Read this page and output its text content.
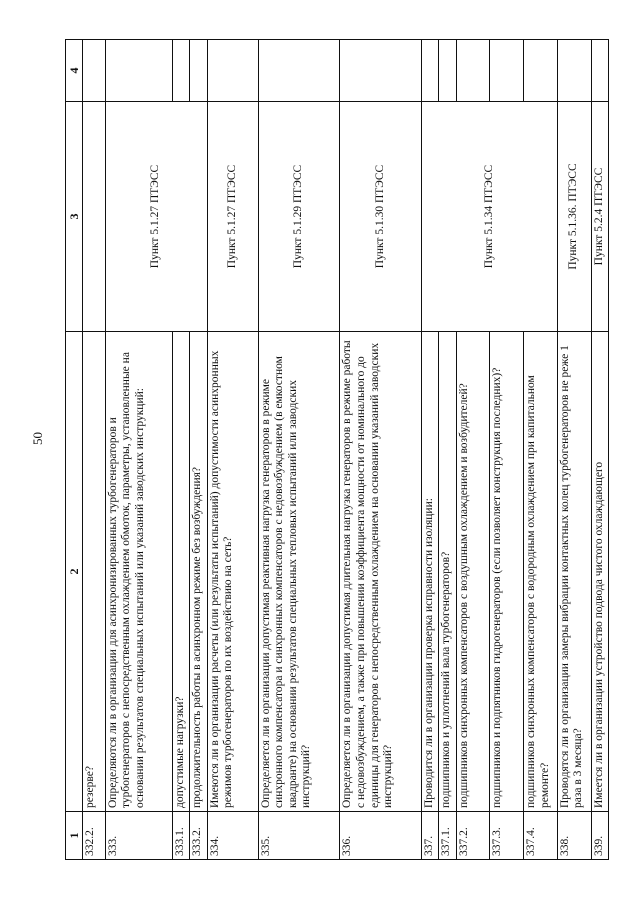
50
1	2	3	4	
332.2.	резерве?			
333.	Определяются ли в организации для асинхронизированных турбогенераторов и турбогенераторов с непосредственным охлаждением обмоток, параметры, установленные на основании результатов специальных испытаний или указаний заводских инструкций:	Пункт 5.1.27 ПТЭСС		
333.1.	допустимые нагрузки?			
333.2.	продолжительность работы в асинхронном режиме без возбуждения?			
334.	Имеются ли в организации расчеты (или результаты испытаний) допустимости асинхронных режимов турбогенераторов по их воздействию на сеть?	Пункт 5.1.27 ПТЭСС		
335.	Определяется ли в организации допустимая реактивная нагрузка генераторов в режиме синхронного компенсатора и синхронных компенсаторов с недовозбуждением (в емкостном квадранте) на основании результатов специальных тепловых испытаний или заводских инструкций?	Пункт 5.1.29 ПТЭСС		
336.	Определяется ли в организации допустимая длительная нагрузка генераторов в режиме работы с недовозбуждением, а также при повышении коэффициента мощности от номинального до единицы для генераторов с непосредственным охлаждением на основании указаний заводских инструкций?	Пункт 5.1.30 ПТЭСС		
337.	Проводится ли в организации проверка исправности изоляции:	Пункт 5.1.34 ПТЭСС		
337.1.	подшипников и уплотнений вала турбогенераторов?			
337.2.	подшипников синхронных компенсаторов с воздушным охлаждением и возбудителей?			
337.3.	подшипников и подпятников гидрогенераторов (если позволяет конструкция последних)?			
337.4.	подшипников синхронных компенсаторов с водородным охлаждением при капитальном ремонте?			
338.	Проводятся ли в организации замеры вибрации контактных колец турбогенераторов не реже 1 раза в 3 месяца?	Пункт 5.1.36. ПТЭСС		
339.	Имеется ли в организации устройство подвода чистого охлаждающего	Пункт 5.2.4 ПТЭСС		
